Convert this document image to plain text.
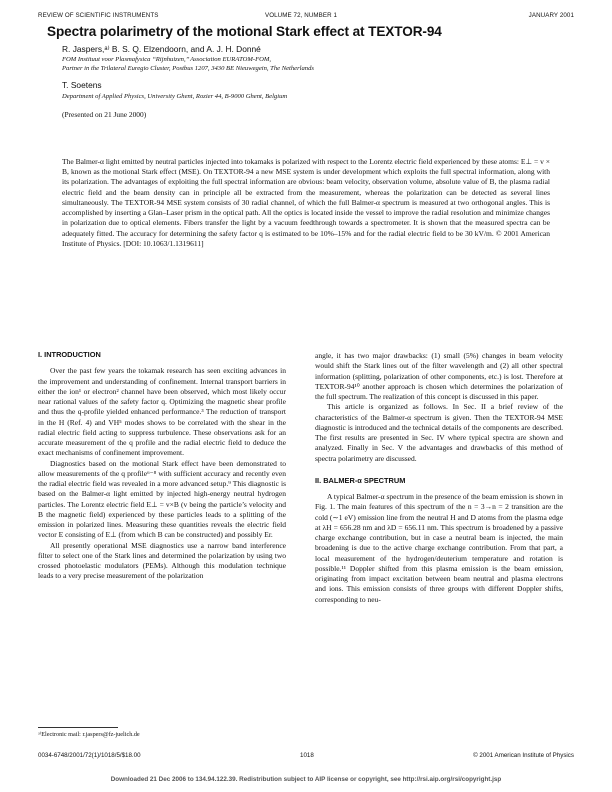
REVIEW OF SCIENTIFIC INSTRUMENTS	VOLUME 72, NUMBER 1	JANUARY 2001
Spectra polarimetry of the motional Stark effect at TEXTOR-94
R. Jaspers,ᵃ⁾ B. S. Q. Elzendoorn, and A. J. H. Donné
FOM Instituut voor Plasmafysica ‘‘Rijnhuizen,’’ Association EURATOM-FOM,
Partner in the Trilateral Euregio Cluster, Postbus 1207, 3430 BE Nieuwegein, The Netherlands
T. Soetens
Department of Applied Physics, University Ghent, Rozier 44, B-9000 Ghent, Belgium
(Presented on 21 June 2000)
The Balmer-α light emitted by neutral particles injected into tokamaks is polarized with respect to the Lorentz electric field experienced by these atoms: E⊥ = v × B, known as the motional Stark effect (MSE). On TEXTOR-94 a new MSE system is under development which exploits the full spectral information, along with its polarization. The advantages of exploiting the full spectral information are obvious: beam velocity, observation volume, absolute value of B, the plasma radial electric field and the beam density can in principle all be extracted from the measurement, whereas the polarization can be detected as several lines simultaneously. The TEXTOR-94 MSE system consists of 30 radial channel, of which the full Balmer-α spectrum is measured at two orthogonal angles. This is accomplished by inserting a Glan–Laser prism in the optical path. All the optics is located inside the vessel to improve the radial resolution and minimize changes in polarization due to optical elements. Fibers transfer the light by a vacuum feedthrough towards a spectrometer. It is shown that the measured spectra can be adequately fitted. The accuracy for determining the safety factor q is estimated to be 10%–15% and for the radial electric field to be 30 kV/m. © 2001 American Institute of Physics. [DOI: 10.1063/1.1319611]
I. INTRODUCTION

Over the past few years the tokamak research has seen exciting advances in the improvement and understanding of confinement. Internal transport barriers in either the ion¹ or electron² channel have been observed, which most likely occur near rational values of the safety factor q. Optimizing the magnetic shear profile and thus the q-profile yielded enhanced performance.³ The reduction of transport in the H (Ref. 4) and VH⁵ modes shows to be correlated with the shear in the radial electric field acting to suppress turbulence. These observations ask for an accurate measurement of the q profile and the radial electric field to deduce the exact mechanisms of confinement improvement.

Diagnostics based on the motional Stark effect have been demonstrated to allow measurements of the q profile⁶⁻⁸ with sufficient accuracy and recently even the radial electric field was revealed in a more advanced setup.⁹ This diagnostic is based on the Balmer-α light emitted by injected high-energy neutral hydrogen particles. The Lorentz electric field E⊥ = v×B (v being the particle’s velocity and B the magnetic field) experienced by these particles leads to a splitting of the emission in polarized lines. Measuring these quantities reveals the electric field vector E consisting of E⊥ (from which B can be constructed) and possibly Er.

All presently operational MSE diagnostics use a narrow band interference filter to select one of the Stark lines and determined the polarization by using two crossed photoelastic modulators (PEMs). Although this modulation technique leads to a very precise measurement of the polarization

angle, it has two major drawbacks: (1) small (5%) changes in beam velocity would shift the Stark lines out of the filter wavelength and (2) all other spectral information (splitting, polarization of other components, etc.) is lost. Therefore at TEXTOR-94¹⁰ another approach is chosen which determines the polarization of the full spectrum. The realization of this concept is discussed in this paper.

This article is organized as follows. In Sec. II a brief review of the characteristics of the Balmer-α spectrum is given. Then the TEXTOR-94 MSE diagnostic is introduced and the technical details of the components are described. The first results are presented in Sec. IV where typical spectra are shown and analyzed. Finally in Sec. V the advantages and drawbacks of this method of spectra polarimetry are discussed.

II. BALMER-α SPECTRUM

A typical Balmer-α spectrum in the presence of the beam emission is shown in Fig. 1. The main features of this spectrum of the n = 3→n = 2 transition are the cold (∼1 eV) emission line from the neutral H and D atoms from the plasma edge at λH = 656.28 nm and λD = 656.11 nm. This spectrum is broadened by a passive charge exchange contribution, but in case a neutral beam is injected, the main broadening is due to the active charge exchange contribution. From that part, a local measurement of the hydrogen/deuterium temperature and rotation is possible.¹¹ Doppler shifted from this plasma emission is the beam emission, originating from impact excitation between beam neutral and plasma electrons and ions. This emission consists of three groups with different Doppler shifts, corresponding to neu-

ᵃ⁾Electronic mail: r.jaspers@fz-juelich.de
0034-6748/2001/72(1)/1018/5/$18.00	1018	© 2001 American Institute of Physics
Downloaded 21 Dec 2006 to 134.94.122.39. Redistribution subject to AIP license or copyright, see http://rsi.aip.org/rsi/copyright.jsp
